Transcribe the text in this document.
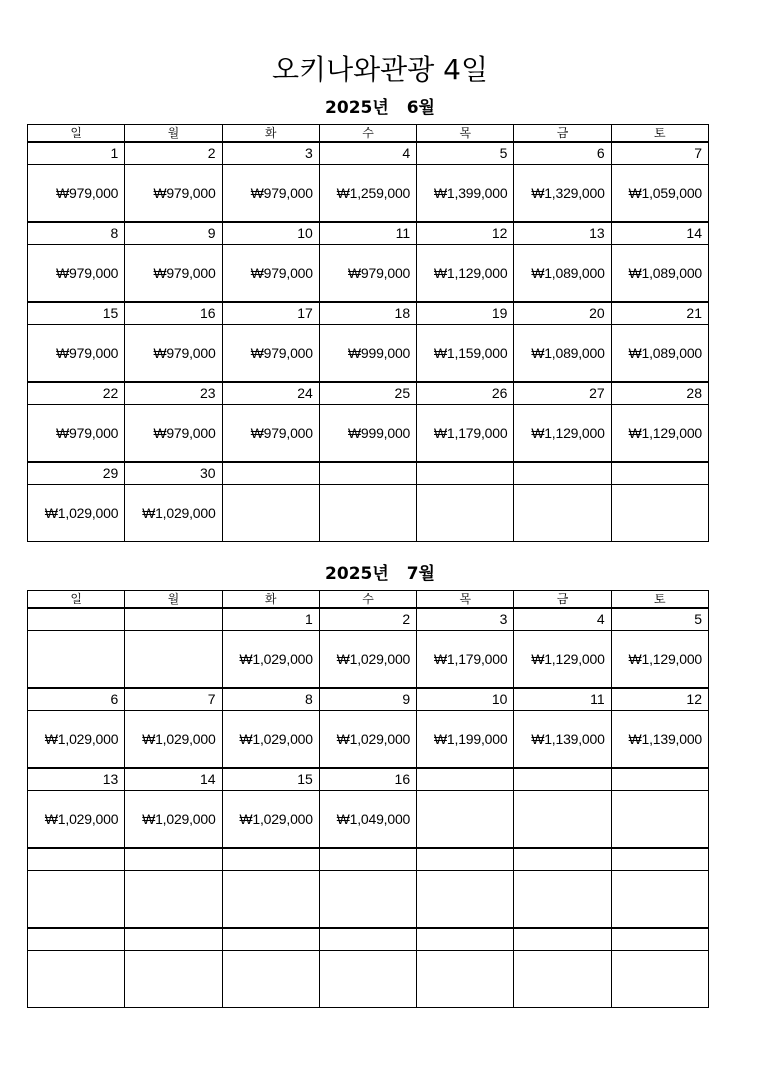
오키나와관광 4일
2025년 6월
일	월	화	수	목	금	토
1	2	3	4	5	6	7
₩979,000	₩979,000	₩979,000	₩1,259,000	₩1,399,000	₩1,329,000	₩1,059,000
8	9	10	11	12	13	14
₩979,000	₩979,000	₩979,000	₩979,000	₩1,129,000	₩1,089,000	₩1,089,000
15	16	17	18	19	20	21
₩979,000	₩979,000	₩979,000	₩999,000	₩1,159,000	₩1,089,000	₩1,089,000
22	23	24	25	26	27	28
₩979,000	₩979,000	₩979,000	₩999,000	₩1,179,000	₩1,129,000	₩1,129,000
29	30					
₩1,029,000	₩1,029,000					
2025년 7월
일	월	화	수	목	금	토
		1	2	3	4	5
		₩1,029,000	₩1,029,000	₩1,179,000	₩1,129,000	₩1,129,000
6	7	8	9	10	11	12
₩1,029,000	₩1,029,000	₩1,029,000	₩1,029,000	₩1,199,000	₩1,139,000	₩1,139,000
13	14	15	16			
₩1,029,000	₩1,029,000	₩1,029,000	₩1,049,000			
